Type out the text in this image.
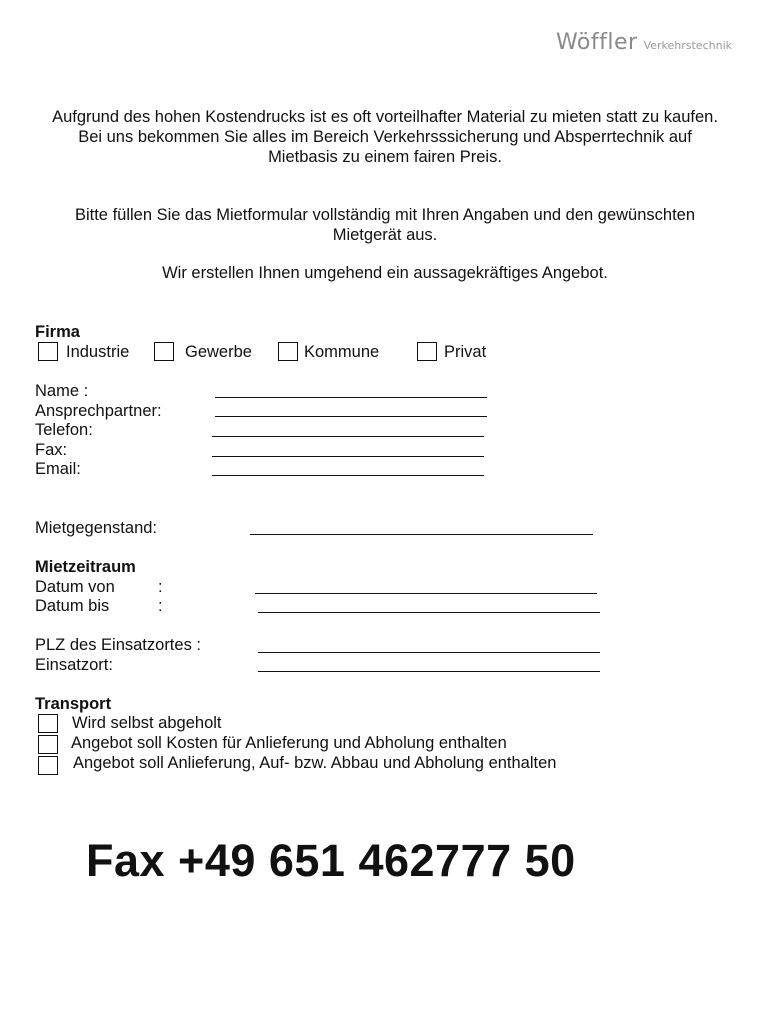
Wöffler Verkehrstechnik
Aufgrund des hohen Kostendrucks ist es oft vorteilhafter Material zu mieten statt zu kaufen.
Bei uns bekommen Sie alles im Bereich Verkehrsssicherung und Absperrtechnik auf
Mietbasis zu einem fairen Preis.
Bitte füllen Sie das Mietformular vollständig mit Ihren Angaben und den gewünschten
Mietgerät aus.
Wir erstellen Ihnen umgehend ein aussagekräftiges Angebot.
Firma
Industrie	Gewerbe	Kommune	Privat
Name :
Ansprechpartner:
Telefon:
Fax:
Email:
Mietgegenstand:
Mietzeitraum
Datum von	:
Datum bis	:
PLZ des Einsatzortes :
Einsatzort:
Transport
Wird selbst abgeholt
Angebot soll Kosten für Anlieferung und Abholung enthalten
Angebot soll Anlieferung, Auf- bzw. Abbau und Abholung enthalten
Fax +49 651 462777 50
